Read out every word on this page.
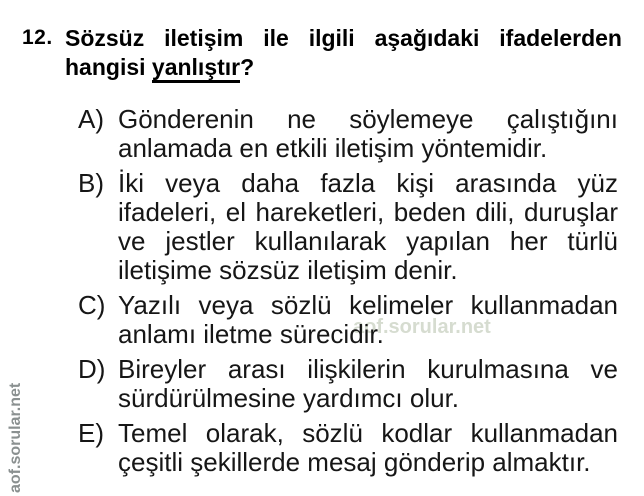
aof.sorular.net
aof.sorular.net
12. Sözsüz iletişim ile ilgili aşağıdaki ifadelerden hangisi yanlıştır?
A) Gönderenin ne söylemeye çalıştığını anlamada en etkili iletişim yöntemidir.
B) İki veya daha fazla kişi arasında yüz ifadeleri, el hareketleri, beden dili, duruşlar ve jestler kullanılarak yapılan her türlü iletişime sözsüz iletişim denir.
C) Yazılı veya sözlü kelimeler kullanmadan anlamı iletme sürecidir.
D) Bireyler arası ilişkilerin kurulmasına ve sürdürülmesine yardımcı olur.
E) Temel olarak, sözlü kodlar kullanmadan çeşitli şekillerde mesaj gönderip almaktır.
